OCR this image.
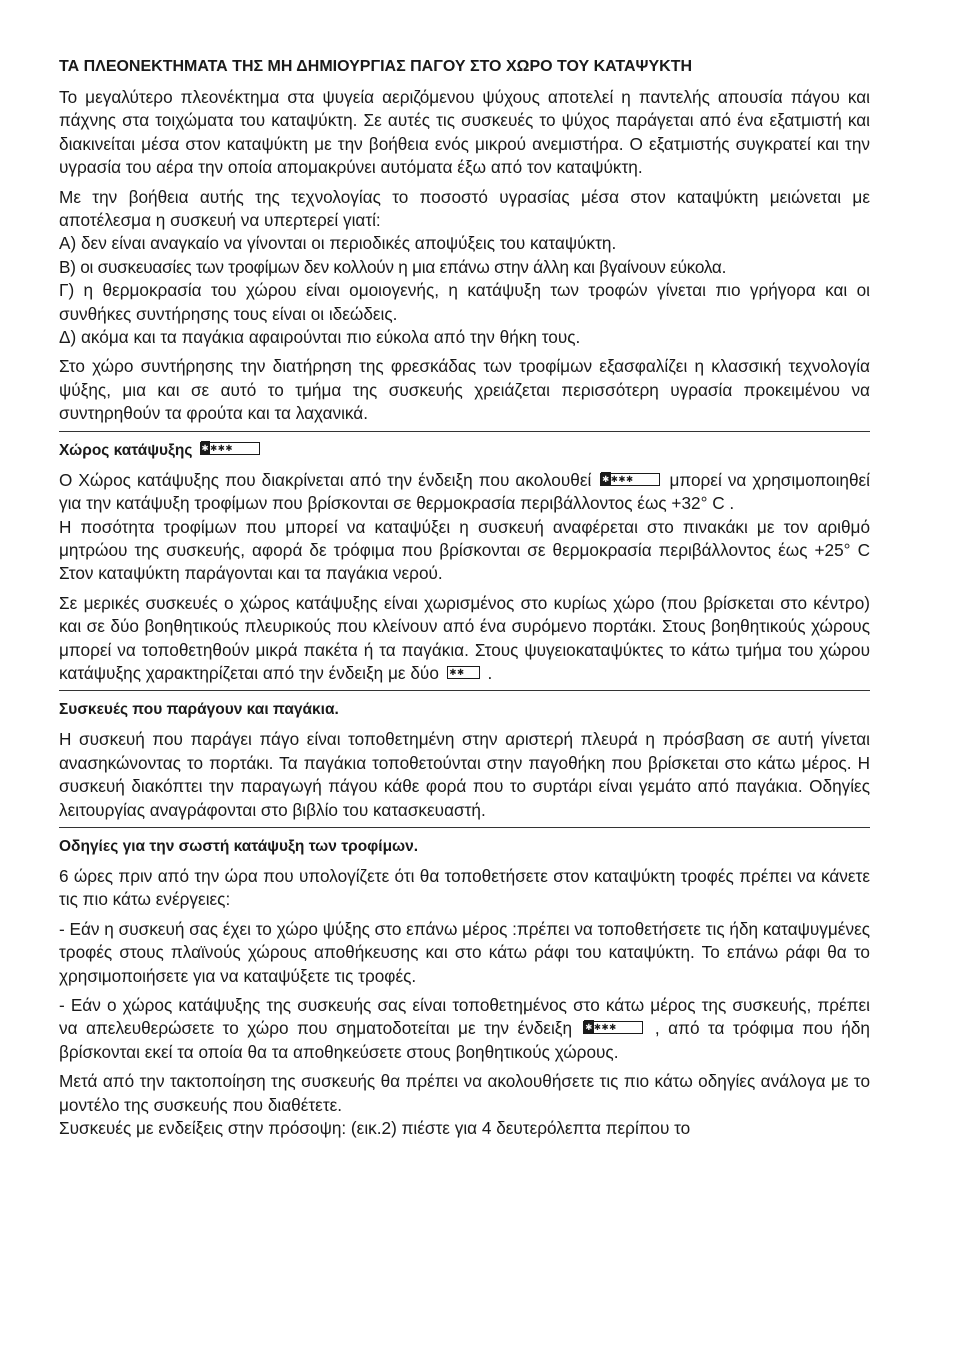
ΤΑ ΠΛΕΟΝΕΚΤΗΜΑΤΑ ΤΗΣ ΜΗ ΔΗΜΙΟΥΡΓΙΑΣ ΠΑΓΟΥ ΣΤΟ ΧΩΡΟ ΤΟΥ ΚΑΤΑΨΥΚΤΗ

Το μεγαλύτερο πλεονέκτημα στα ψυγεία αεριζόμενου ψύχους αποτελεί η παντελής απουσία πάγου και πάχνης στα τοιχώματα του καταψύκτη. Σε αυτές τις συσκευές το ψύχος παράγεται από ένα εξατμιστή και διακινείται μέσα στον καταψύκτη με την βοήθεια ενός μικρού ανεμιστήρα. Ο εξατμιστής συγκρατεί και την υγρασία του αέρα την οποία απομακρύνει αυτόματα έξω από τον καταψύκτη.

Με την βοήθεια αυτής της τεχνολογίας το ποσοστό υγρασίας μέσα στον καταψύκτη μειώνεται με αποτέλεσμα η συσκευή να υπερτερεί γιατί:

Α) δεν είναι αναγκαίο να γίνονται οι περιοδικές αποψύξεις του καταψύκτη.

Β) οι συσκευασίες των τροφίμων δεν κολλούν η μια επάνω στην άλλη και βγαίνουν εύκολα.

Γ) η θερμοκρασία του χώρου είναι ομοιογενής, η κατάψυξη των τροφών γίνεται πιο γρήγορα και οι συνθήκες συντήρησης τους είναι οι ιδεώδεις.

Δ) ακόμα και τα παγάκια αφαιρούνται πιο εύκολα από την θήκη τους.

Στο χώρο συντήρησης την διατήρηση της φρεσκάδας των τροφίμων εξασφαλίζει η κλασσική τεχνολογία ψύξης, μια και σε αυτό το τμήμα της συσκευής χρειάζεται περισσότερη υγρασία προκειμένου να συντηρηθούν τα φρούτα και τα λαχανικά.

Χώρος κατάψυξης ✱✱✱✱

Ο Χώρος κατάψυξης που διακρίνεται από την ένδειξη που ακολουθεί ✱✱✱✱ μπορεί να χρησιμοποιηθεί για την κατάψυξη τροφίμων που βρίσκονται σε θερμοκρασία περιβάλλοντος έως +32° C .

Η ποσότητα τροφίμων που μπορεί να καταψύξει η συσκευή αναφέρεται στο πινακάκι με τον αριθμό μητρώου της συσκευής, αφορά δε τρόφιμα που βρίσκονται σε θερμοκρασία περιβάλλοντος έως +25° C Στον καταψύκτη παράγονται και τα παγάκια νερού.

Σε μερικές συσκευές ο χώρος κατάψυξης είναι χωρισμένος στο κυρίως χώρο (που βρίσκεται στο κέντρο) και σε δύο βοηθητικούς πλευρικούς που κλείνουν από ένα συρόμενο πορτάκι. Στους βοηθητικούς χώρους μπορεί να τοποθετηθούν μικρά πακέτα ή τα παγάκια. Στους ψυγειοκαταψύκτες το κάτω τμήμα του χώρου κατάψυξης χαρακτηρίζεται από την ένδειξη με δύο ✱✱ .

Συσκευές που παράγουν και παγάκια.

Η συσκευή που παράγει πάγο είναι τοποθετημένη στην αριστερή πλευρά η πρόσβαση σε αυτή γίνεται ανασηκώνοντας το πορτάκι. Τα παγάκια τοποθετούνται στην παγοθήκη που βρίσκεται στο κάτω μέρος. Η συσκευή διακόπτει την παραγωγή πάγου κάθε φορά που το συρτάρι είναι γεμάτο από παγάκια. Οδηγίες λειτουργίας αναγράφονται στο βιβλίο του κατασκευαστή.

Οδηγίες για την σωστή κατάψυξη των τροφίμων.

6 ώρες πριν από την ώρα που υπολογίζετε ότι θα τοποθετήσετε στον καταψύκτη τροφές πρέπει να κάνετε τις πιο κάτω ενέργειες:

- Εάν η συσκευή σας έχει το χώρο ψύξης στο επάνω μέρος :πρέπει να τοποθετήσετε τις ήδη καταψυγμένες τροφές στους πλαϊνούς χώρους αποθήκευσης και στο κάτω ράφι του καταψύκτη. Το επάνω ράφι θα το χρησιμοποιήσετε για να καταψύξετε τις τροφές.

- Εάν ο χώρος κατάψυξης της συσκευής σας είναι τοποθετημένος στο κάτω μέρος της συσκευής, πρέπει να απελευθερώσετε το χώρο που σηματοδοτείται με την ένδειξη ✱✱✱✱ , από τα τρόφιμα που ήδη βρίσκονται εκεί τα οποία θα τα αποθηκεύσετε στους βοηθητικούς χώρους.

Μετά από την τακτοποίηση της συσκευής θα πρέπει να ακολουθήσετε τις πιο κάτω οδηγίες ανάλογα με το μοντέλο της συσκευής που διαθέτετε.

Συσκευές με ενδείξεις στην πρόσοψη: (εικ.2) πιέστε για 4 δευτερόλεπτα περίπου το
